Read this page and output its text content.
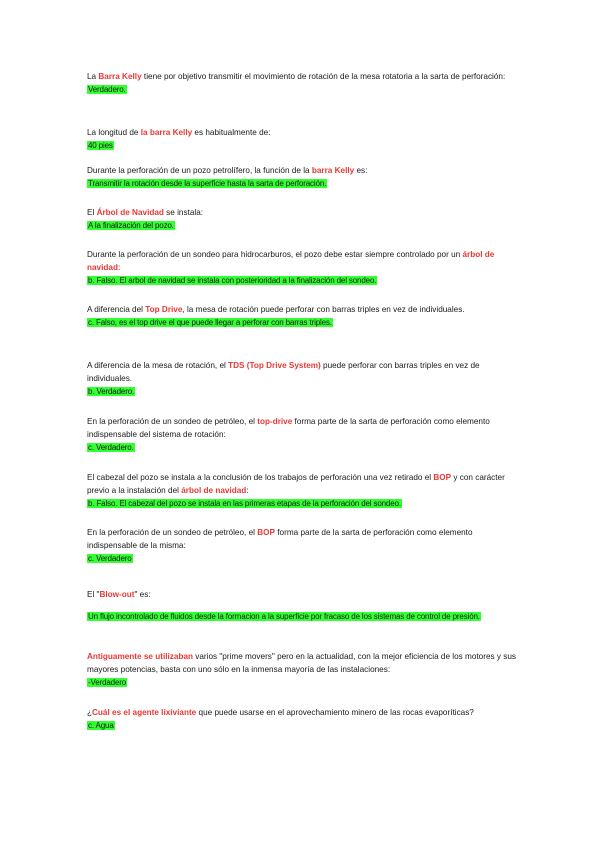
La Barra Kelly tiene por objetivo transmitir el movimiento de rotación de la mesa rotatoria a la sarta de perforación:
Verdadero.
La longitud de la barra Kelly es habitualmente de:
40 pies
Durante la perforación de un pozo petrolífero, la función de la barra Kelly es:
Transmitir la rotación desde la superficie hasta la sarta de perforación.
El Árbol de Navidad se instala:
A la finalización del pozo.
Durante la perforación de un sondeo para hidrocarburos, el pozo debe estar siempre controlado por un árbol de navidad:
b. Falso. El arbol de navidad se instala con posterioridad a la finalización del sondeo.
A diferencia del Top Drive, la mesa de rotación puede perforar con barras triples en vez de individuales.
c. Falso, es el top drive el que puede llegar a perforar con barras triples.
A diferencia de la mesa de rotación, el TDS (Top Drive System) puede perforar con barras triples en vez de individuales.
b. Verdadero.
En la perforación de un sondeo de petróleo, el top-drive forma parte de la sarta de perforación como elemento indispensable del sistema de rotación:
c. Verdadero.
El cabezal del pozo se instala a la conclusión de los trabajos de perforación una vez retirado el BOP y con carácter previo a la instalación del árbol de navidad:
b. Falso. El cabezal del pozo se instala en las primeras etapas de la perforación del sondeo.
En la perforación de un sondeo de petróleo, el BOP forma parte de la sarta de perforación como elemento indispensable de la misma:
c. Verdadero
El "Blow-out" es:

Un flujo incontrolado de fluidos desde la formacion a la superficie por fracaso de los sistemas de control de presión.
Antiguamente se utilizaban varios "prime movers" pero en la actualidad, con la mejor eficiencia de los motores y sus mayores potencias, basta con uno sólo en la inmensa mayoría de las instalaciones:
-Verdadero
¿Cuál es el agente lixiviante que puede usarse en el aprovechamiento minero de las rocas evaporíticas?
c. Agua
